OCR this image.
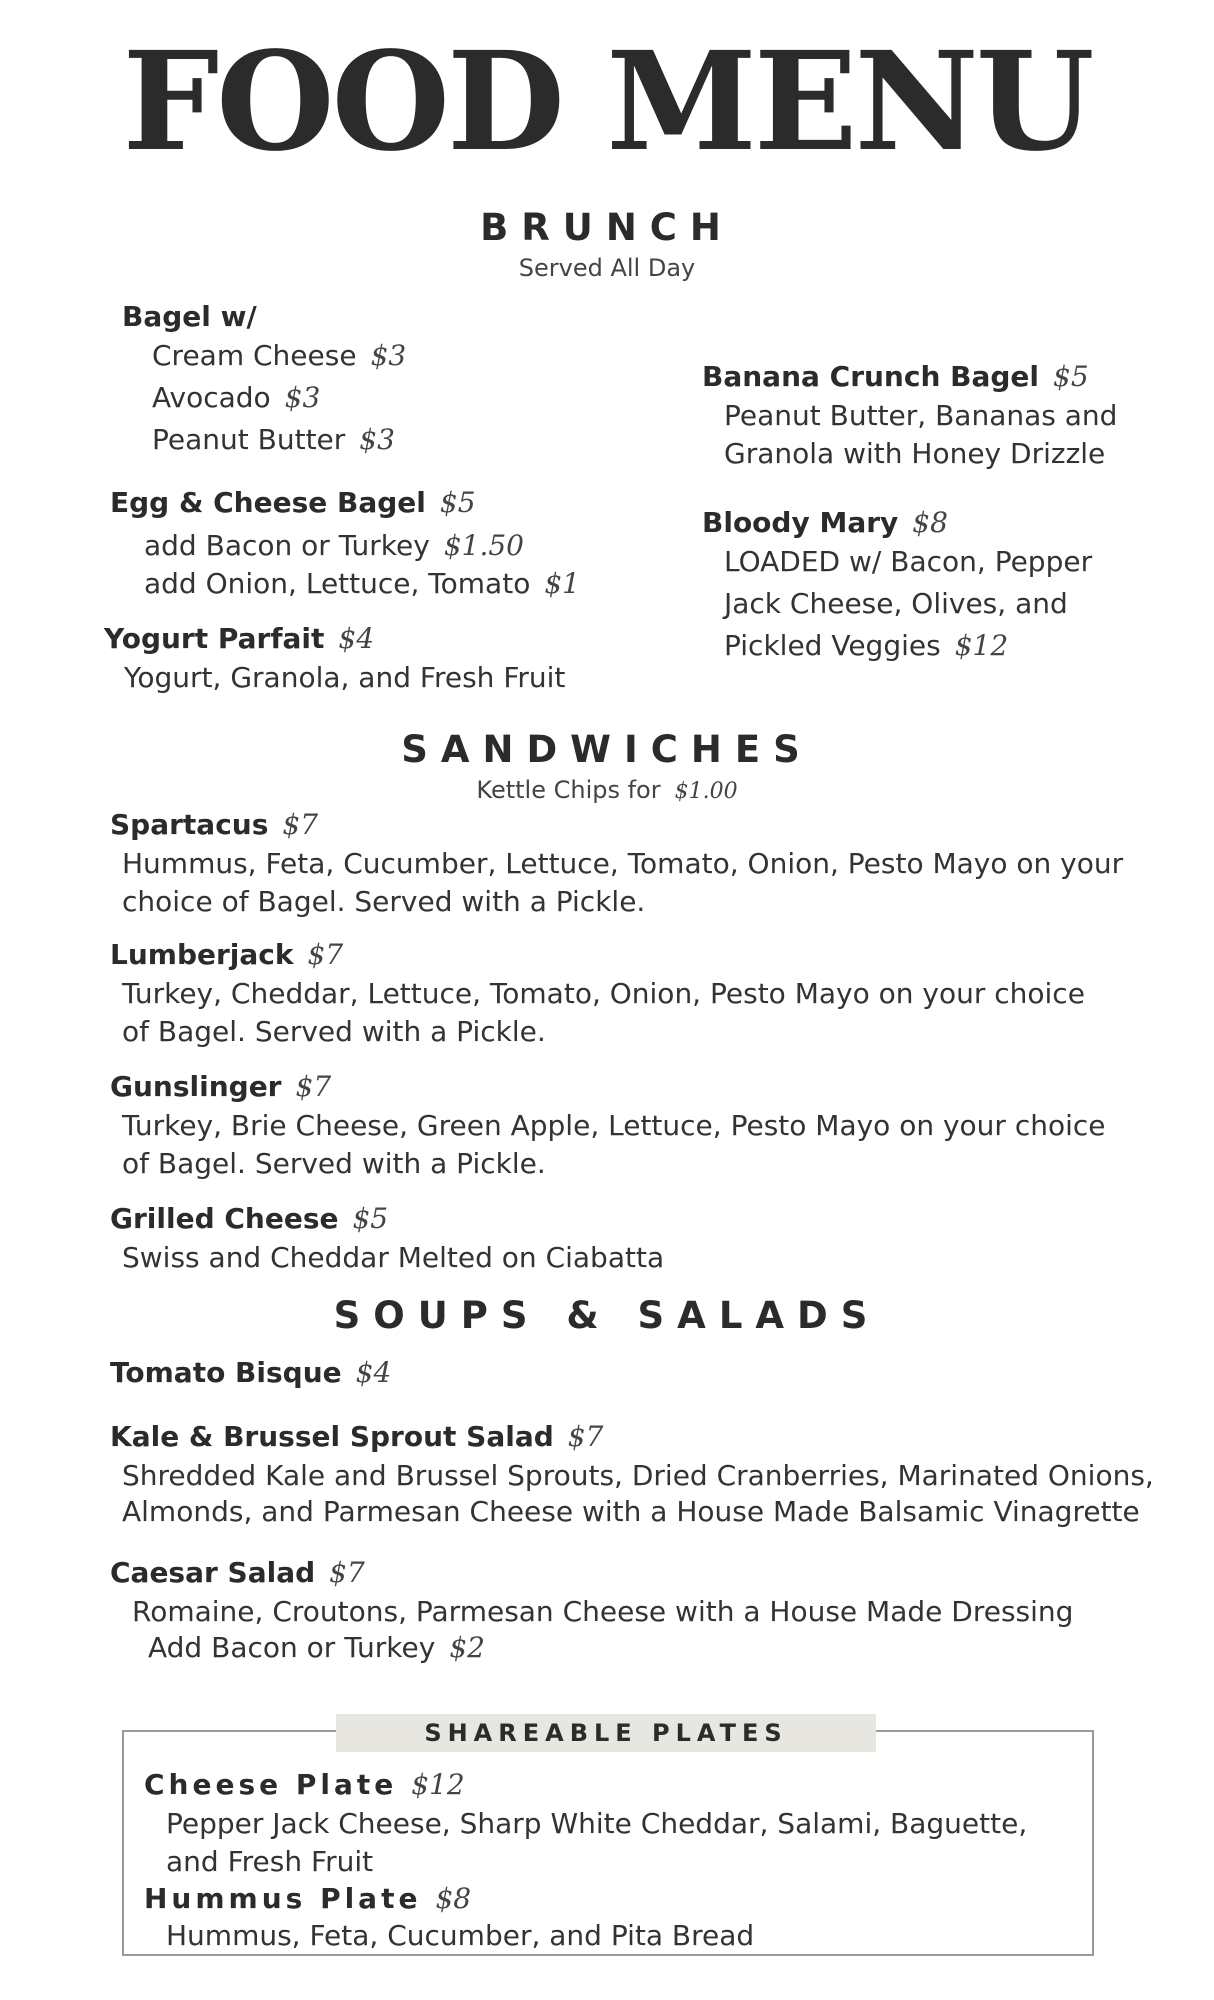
FOOD MENU
BRUNCH
Served All Day
Bagel w/
Cream Cheese $3
Avocado $3
Peanut Butter $3
Egg & Cheese Bagel $5
add Bacon or Turkey $1.50
add Onion, Lettuce, Tomato $1
Yogurt Parfait $4
Yogurt, Granola, and Fresh Fruit
Banana Crunch Bagel $5
Peanut Butter, Bananas and
Granola with Honey Drizzle
Bloody Mary $8
LOADED w/ Bacon, Pepper
Jack Cheese, Olives, and
Pickled Veggies $12
SANDWICHES
Kettle Chips for $1.00
Spartacus $7
Hummus, Feta, Cucumber, Lettuce, Tomato, Onion, Pesto Mayo on your
choice of Bagel. Served with a Pickle.
Lumberjack $7
Turkey, Cheddar, Lettuce, Tomato, Onion, Pesto Mayo on your choice
of Bagel. Served with a Pickle.
Gunslinger $7
Turkey, Brie Cheese, Green Apple, Lettuce, Pesto Mayo on your choice
of Bagel. Served with a Pickle.
Grilled Cheese $5
Swiss and Cheddar Melted on Ciabatta
SOUPS & SALADS
Tomato Bisque $4
Kale & Brussel Sprout Salad $7
Shredded Kale and Brussel Sprouts, Dried Cranberries, Marinated Onions,
Almonds, and Parmesan Cheese with a House Made Balsamic Vinagrette
Caesar Salad $7
Romaine, Croutons, Parmesan Cheese with a House Made Dressing
Add Bacon or Turkey $2
SHAREABLE PLATES
Cheese Plate $12
Pepper Jack Cheese, Sharp White Cheddar, Salami, Baguette,
and Fresh Fruit
Hummus Plate $8
Hummus, Feta, Cucumber, and Pita Bread
